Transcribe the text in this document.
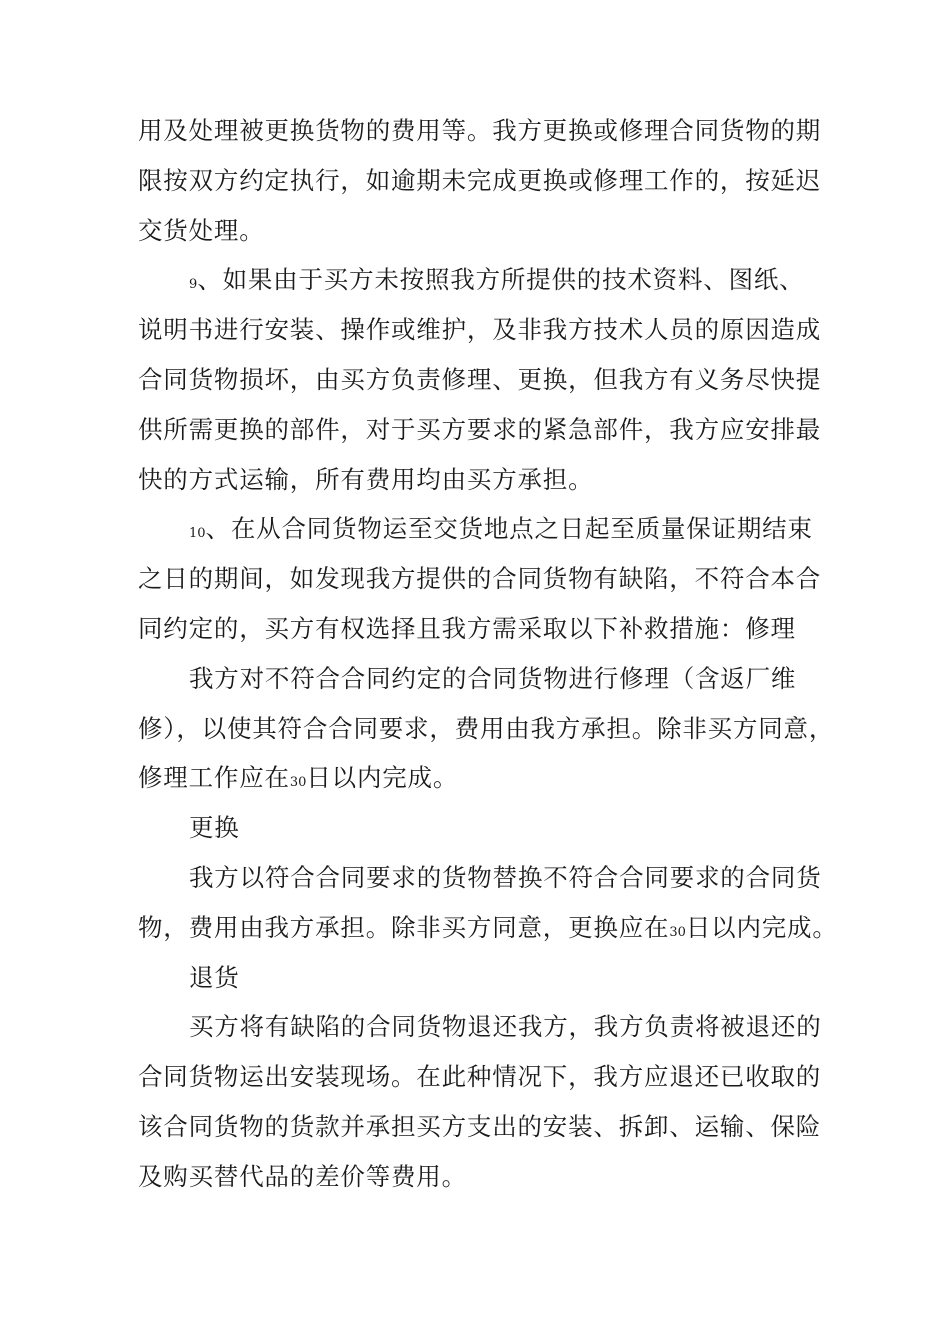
用及处理被更换货物的费用等。我方更换或修理合同货物的期
限按双方约定执行，如逾期未完成更换或修理工作的，按延迟
交货处理。
9、如果由于买方未按照我方所提供的技术资料、图纸、
说明书进行安装、操作或维护，及非我方技术人员的原因造成
合同货物损坏，由买方负责修理、更换，但我方有义务尽快提
供所需更换的部件，对于买方要求的紧急部件，我方应安排最
快的方式运输，所有费用均由买方承担。
10、在从合同货物运至交货地点之日起至质量保证期结束
之日的期间，如发现我方提供的合同货物有缺陷，不符合本合
同约定的，买方有权选择且我方需采取以下补救措施：修理
我方对不符合合同约定的合同货物进行修理（含返厂维
修），以使其符合合同要求，费用由我方承担。除非买方同意，
修理工作应在30日以内完成。
更换
我方以符合合同要求的货物替换不符合合同要求的合同货
物，费用由我方承担。除非买方同意，更换应在30日以内完成。
退货
买方将有缺陷的合同货物退还我方，我方负责将被退还的
合同货物运出安装现场。在此种情况下，我方应退还已收取的
该合同货物的货款并承担买方支出的安装、拆卸、运输、保险
及购买替代品的差价等费用。
